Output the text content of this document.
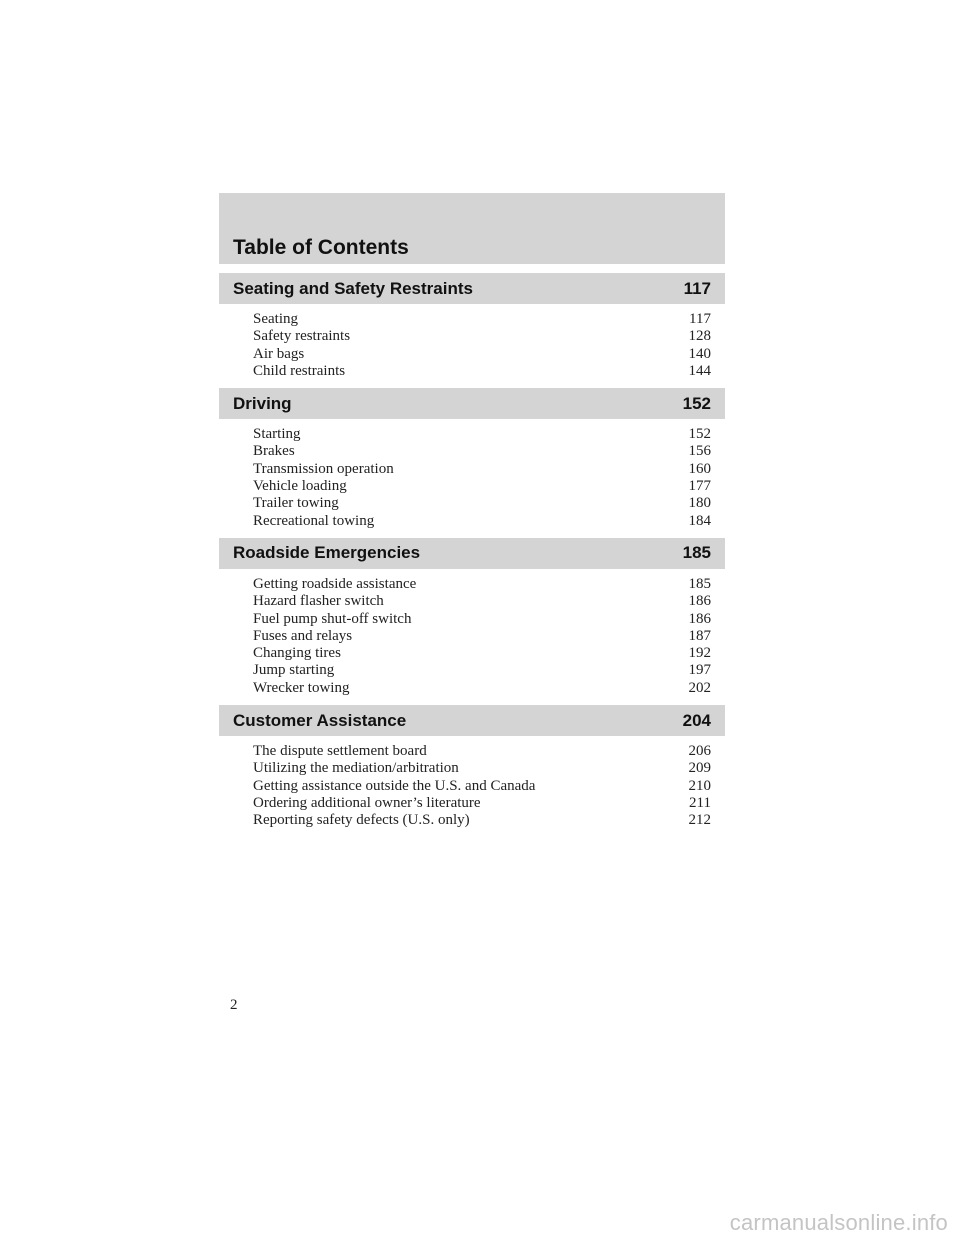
Table of Contents
Seating and Safety Restraints	117
Seating	117
Safety restraints	128
Air bags	140
Child restraints	144
Driving	152
Starting	152
Brakes	156
Transmission operation	160
Vehicle loading	177
Trailer towing	180
Recreational towing	184
Roadside Emergencies	185
Getting roadside assistance	185
Hazard flasher switch	186
Fuel pump shut-off switch	186
Fuses and relays	187
Changing tires	192
Jump starting	197
Wrecker towing	202
Customer Assistance	204
The dispute settlement board	206
Utilizing the mediation/arbitration	209
Getting assistance outside the U.S. and Canada	210
Ordering additional owner’s literature	211
Reporting safety defects (U.S. only)	212
2
carmanualsonline.info
